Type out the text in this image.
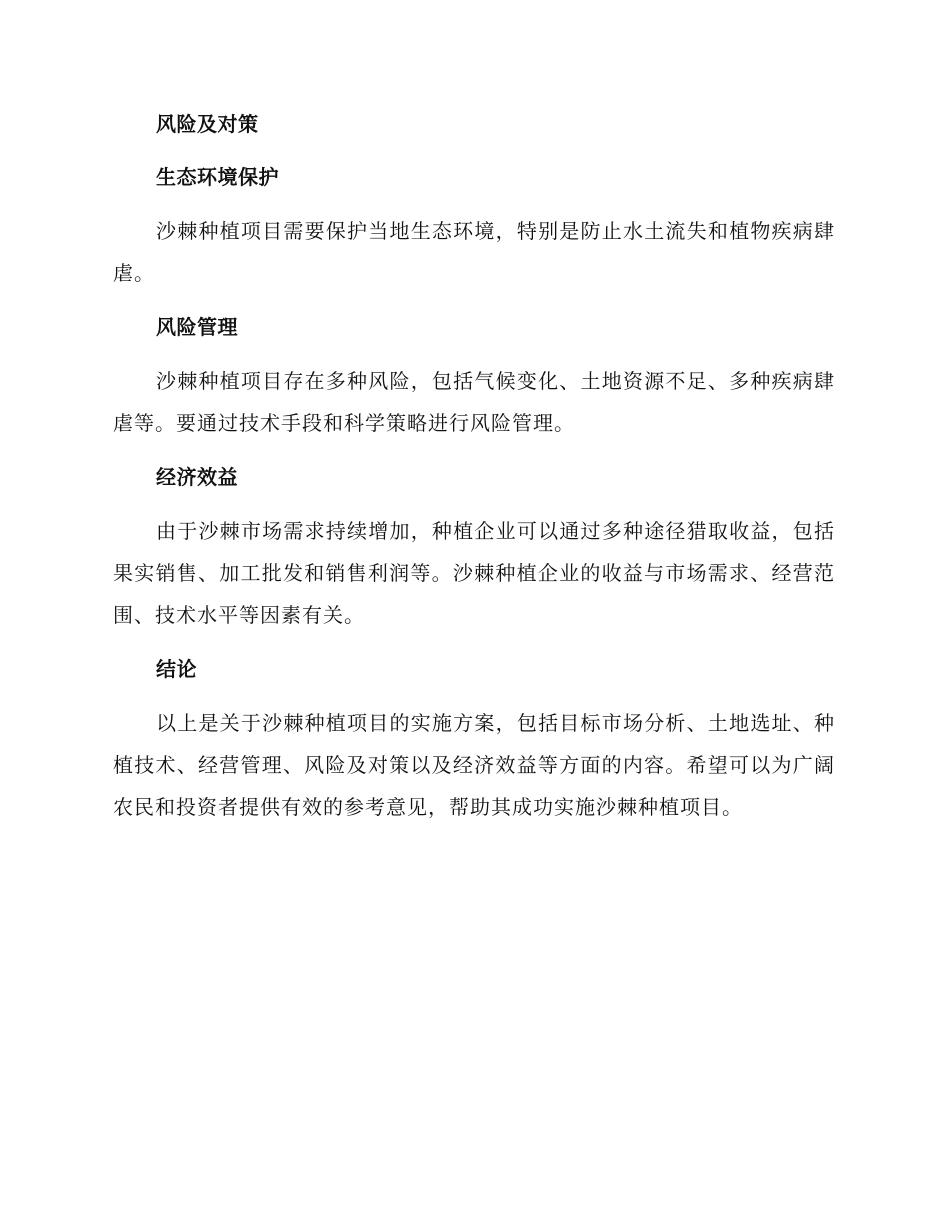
风险及对策
生态环境保护

沙棘种植项目需要保护当地生态环境，特别是防止水土流失和植物疾病肆虐。

风险管理

沙棘种植项目存在多种风险，包括气候变化、土地资源不足、多种疾病肆虐等。要通过技术手段和科学策略进行风险管理。

经济效益

由于沙棘市场需求持续增加，种植企业可以通过多种途径猎取收益，包括果实销售、加工批发和销售利润等。沙棘种植企业的收益与市场需求、经营范围、技术水平等因素有关。

结论

以上是关于沙棘种植项目的实施方案，包括目标市场分析、土地选址、种植技术、经营管理、风险及对策以及经济效益等方面的内容。希望可以为广阔农民和投资者提供有效的参考意见，帮助其成功实施沙棘种植项目。
